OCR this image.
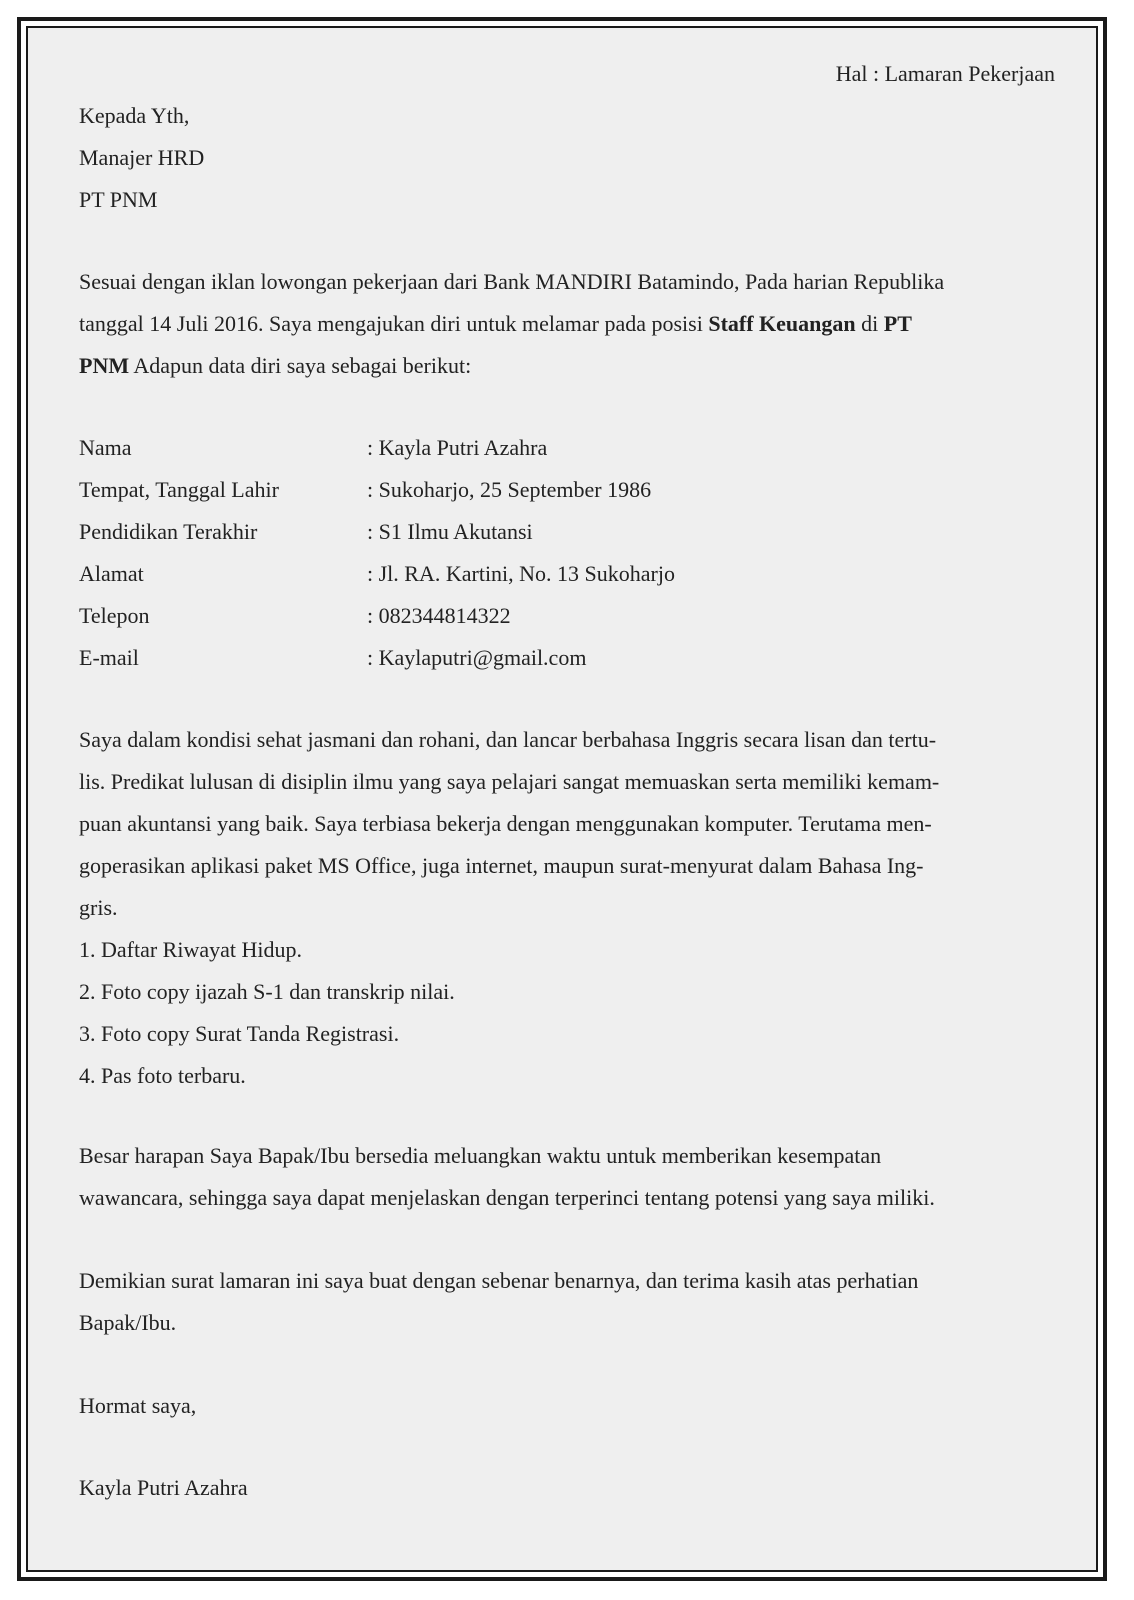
Hal : Lamaran Pekerjaan
Kepada Yth,
Manajer HRD
PT PNM
Sesuai dengan iklan lowongan pekerjaan dari Bank MANDIRI Batamindo, Pada harian Republika
tanggal 14 Juli 2016. Saya mengajukan diri untuk melamar pada posisi Staff Keuangan di PT
PNM Adapun data diri saya sebagai berikut:
Nama	: Kayla Putri Azahra
Tempat, Tanggal Lahir	: Sukoharjo, 25 September 1986
Pendidikan Terakhir	: S1 Ilmu Akutansi
Alamat	: Jl. RA. Kartini, No. 13 Sukoharjo
Telepon	: 082344814322
E-mail	: Kaylaputri@gmail.com
Saya dalam kondisi sehat jasmani dan rohani, dan lancar berbahasa Inggris secara lisan dan tertu-
lis. Predikat lulusan di disiplin ilmu yang saya pelajari sangat memuaskan serta memiliki kemam-
puan akuntansi yang baik. Saya terbiasa bekerja dengan menggunakan komputer. Terutama men-
goperasikan aplikasi paket MS Office, juga internet, maupun surat-menyurat dalam Bahasa Ing-
gris.
1. Daftar Riwayat Hidup.
2. Foto copy ijazah S-1 dan transkrip nilai.
3. Foto copy Surat Tanda Registrasi.
4. Pas foto terbaru.
Besar harapan Saya Bapak/Ibu bersedia meluangkan waktu untuk memberikan kesempatan
wawancara, sehingga saya dapat menjelaskan dengan terperinci tentang potensi yang saya miliki.
Demikian surat lamaran ini saya buat dengan sebenar benarnya, dan terima kasih atas perhatian
Bapak/Ibu.
Hormat saya,
Kayla Putri Azahra
